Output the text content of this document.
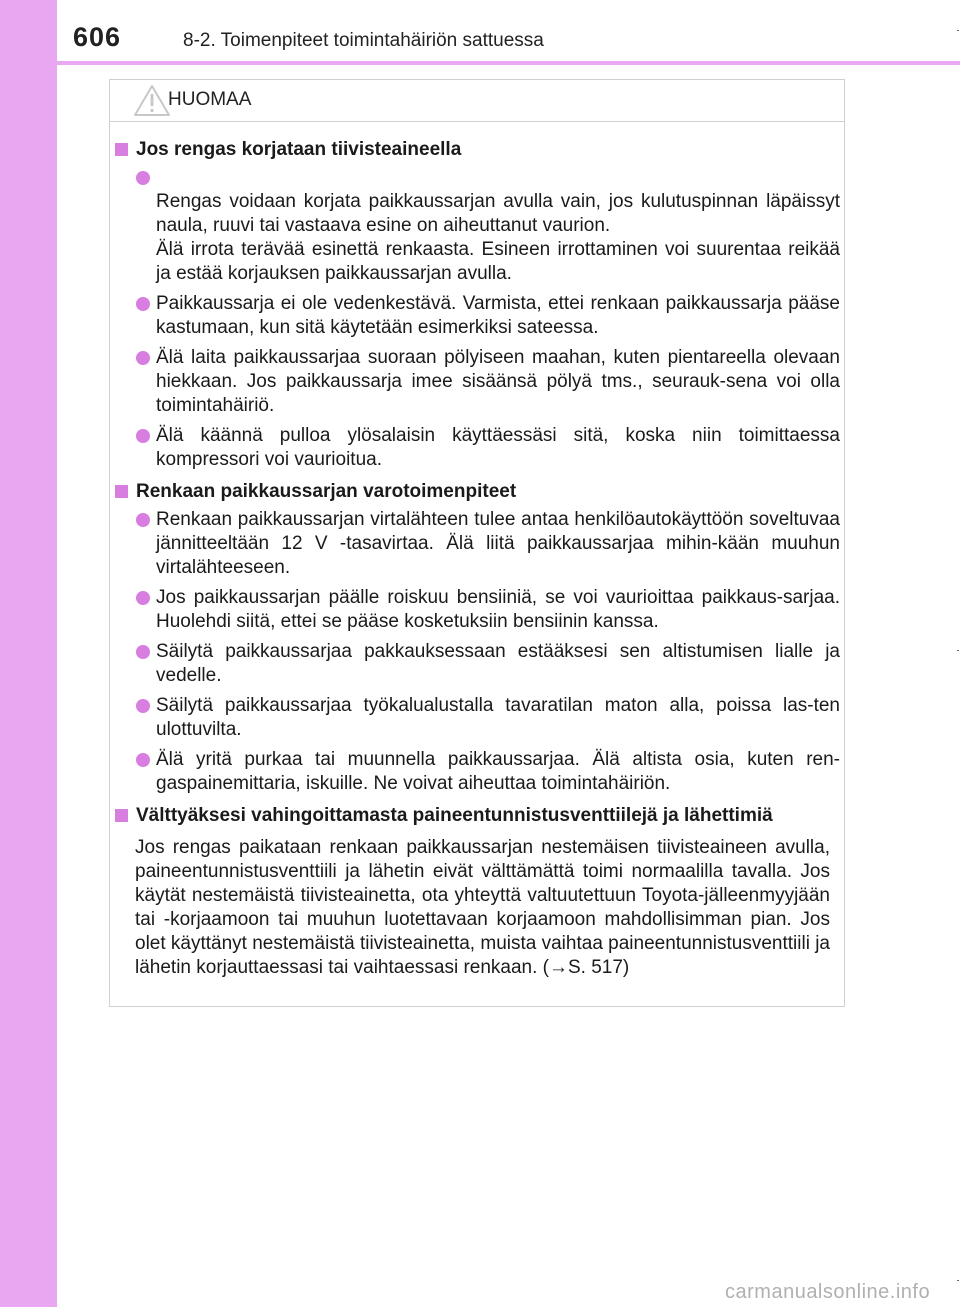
606	8-2. Toimenpiteet toimintahäiriön sattuessa
HUOMAA
Jos rengas korjataan tiivisteaineella

Rengas voidaan korjata paikkaussarjan avulla vain, jos kulutuspinnan läpäissyt naula, ruuvi tai vastaava esine on aiheuttanut vaurion.
Älä irrota terävää esinettä renkaasta. Esineen irrottaminen voi suurentaa reikää ja estää korjauksen paikkaussarjan avulla.

Paikkaussarja ei ole vedenkestävä. Varmista, ettei renkaan paikkaussarja pääse kastumaan, kun sitä käytetään esimerkiksi sateessa.
Älä laita paikkaussarjaa suoraan pölyiseen maahan, kuten pientareella olevaan hiekkaan. Jos paikkaussarja imee sisäänsä pölyä tms., seurauk-sena voi olla toimintahäiriö.
Älä käännä pulloa ylösalaisin käyttäessäsi sitä, koska niin toimittaessa kompressori voi vaurioitua.
Renkaan paikkaussarjan varotoimenpiteet
Renkaan paikkaussarjan virtalähteen tulee antaa henkilöautokäyttöön soveltuvaa jännitteeltään 12 V -tasavirtaa. Älä liitä paikkaussarjaa mihin-kään muuhun virtalähteeseen.
Jos paikkaussarjan päälle roiskuu bensiiniä, se voi vaurioittaa paikkaus-sarjaa. Huolehdi siitä, ettei se pääse kosketuksiin bensiinin kanssa.
Säilytä paikkaussarjaa pakkauksessaan estääksesi sen altistumisen lialle ja vedelle.
Säilytä paikkaussarjaa työkalualustalla tavaratilan maton alla, poissa las-ten ulottuvilta.
Älä yritä purkaa tai muunnella paikkaussarjaa. Älä altista osia, kuten ren-gaspainemittaria, iskuille. Ne voivat aiheuttaa toimintahäiriön.
Välttyäksesi vahingoittamasta paineentunnistusventtiilejä ja lähettimiä
Jos rengas paikataan renkaan paikkaussarjan nestemäisen tiivisteaineen avulla, paineentunnistusventtiili ja lähetin eivät välttämättä toimi normaalilla tavalla. Jos käytät nestemäistä tiivisteainetta, ota yhteyttä valtuutettuun Toyota-jälleenmyyjään tai -korjaamoon tai muuhun luotettavaan korjaamoon mahdollisimman pian. Jos olet käyttänyt nestemäistä tiivisteainetta, muista vaihtaa paineentunnistusventtiili ja lähetin korjauttaessasi tai vaihtaessasi renkaan. (→S. 517)
carmanualsonline.info
